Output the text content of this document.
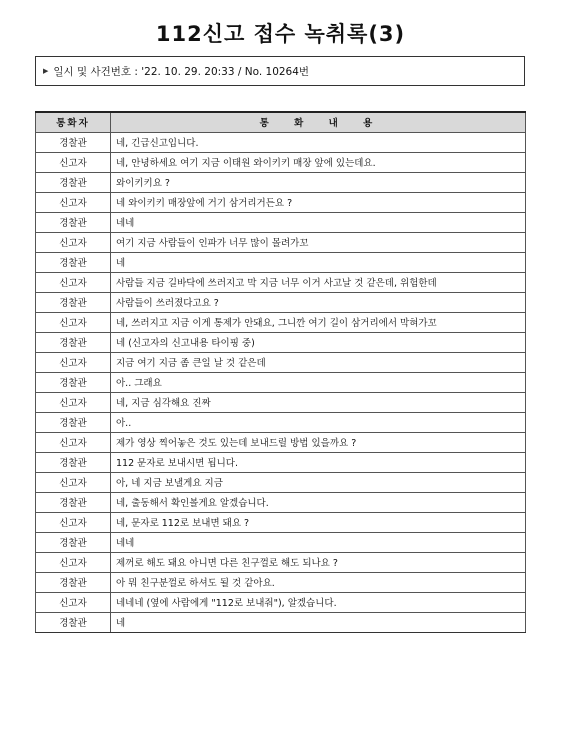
112신고 접수 녹취록(3)
▶ 일시 및 사건번호 : '22. 10. 29. 20:33 / No. 10264번
통화자	통 화 내 용
경찰관	네, 긴급신고입니다.
신고자	네, 안녕하세요 여기 지금 이태원 와이키키 매장 앞에 있는데요.
경찰관	와이키키요 ?
신고자	네 와이키키 매장앞에 거기 삼거리거든요 ?
경찰관	네네
신고자	여기 지금 사람들이 인파가 너무 많이 몰려가꼬
경찰관	네
신고자	사람들 지금 길바닥에 쓰러지고 막 지금 너무 이거 사고날 것 같은데, 위험한데
경찰관	사람들이 쓰러졌다고요 ?
신고자	네, 쓰러지고 지금 이게 통제가 안돼요, 그니깐 여기 길이 삼거리에서 막혀가꼬
경찰관	네 (신고자의 신고내용 타이핑 중)
신고자	지금 여기 지금 좀 큰일 날 것 같은데
경찰관	아.. 그래요
신고자	네, 지금 심각해요 진짜
경찰관	아..
신고자	제가 영상 찍어놓은 것도 있는데 보내드릴 방법 있을까요 ?
경찰관	112 문자로 보내시면 됩니다.
신고자	아, 네 지금 보낼게요 지금
경찰관	네, 출동해서 확인볼게요 알겠습니다.
신고자	네, 문자로 112로 보내면 돼요 ?
경찰관	네네
신고자	제꺼로 해도 돼요 아니면 다른 친구껄로 해도 되나요 ?
경찰관	아 뭐 친구분껄로 하셔도 될 것 같아요.
신고자	네네네 (옆에 사람에게 "112로 보내줘"), 알겠습니다.
경찰관	네
